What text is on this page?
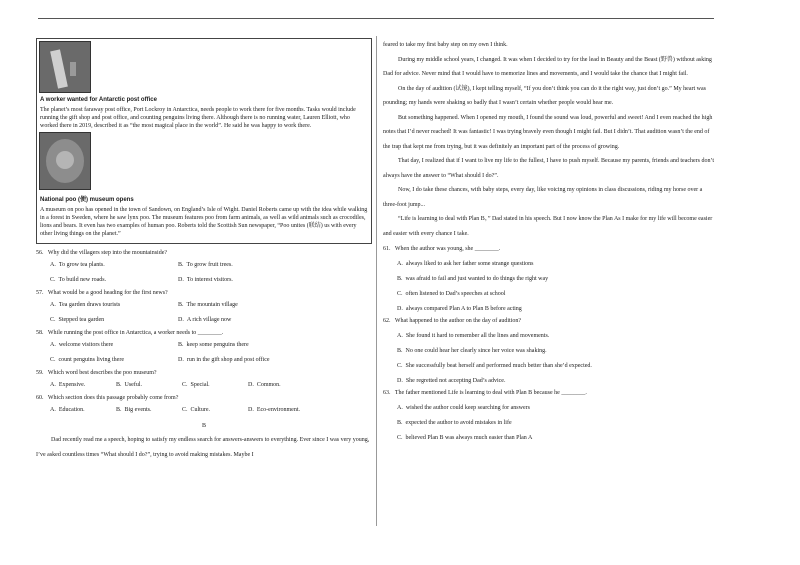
A worker wanted for Antarctic post office
The planet’s most faraway post office, Port Lockroy in Antarctica, needs people to work there for five months. Tasks would include running the gift shop and post office, and counting penguins living there. Although there is no running water, Lauren Elliott, who worked there in 2019, described it as “the most magical place in the world”. He said he was happy to work there.
National poo (便) museum opens
A museum on poo has opened in the town of Sandown, on England’s Isle of Wight. Daniel Roberts came up with the idea while walking in a forest in Sweden, where he saw lynx poo. The museum features poo from farm animals, as well as wild animals such as crocodiles, lions and bears. It even has two examples of human poo. Roberts told the Scottish Sun newspaper, “Poo unites (联结) us with every other living things on the planet.”
56.   Why did the villagers step into the mountainside?
A.  To grow tea plants.	B.  To grow fruit trees.
C.  To build new roads.	D.  To interest visitors.
57.   What would be a good heading for the first news?
A.  Tea garden draws tourists	B.  The mountain village
C.  Stepped tea garden	D.  A rich village now
58.   While running the post office in Antarctica, a worker needs to ________.
A.  welcome visitors there	B.  keep some penguins there
C.  count penguins living there	D.  run in the gift shop and post office
59.   Which word best describes the poo museum?
A.  Expensive.	B.  Useful.	C.  Special.	D.  Common.
60.   Which section does this passage probably come from?
A.  Education.	B.  Big events.	C.  Culture.	D.  Eco-environment.
B

Dad recently read me a speech, hoping to satisfy my endless search for answers-answers to everything. Ever since I was very young, I’ve asked countless times “What should I do?”, trying to avoid making mistakes. Maybe I

feared to take my first baby step on my own I think.

During my middle school years, I changed. It was when I decided to try for the lead in Beauty and the Beast (野兽) without asking Dad for advice. Never mind that I would have to memorize lines and movements, and I would take the chance that I might fail.

On the day of audition (试镜), I kept telling myself, “If you don’t think you can do it the right way, just don’t go.” My heart was pounding; my hands were shaking so badly that I wasn’t certain whether people would hear me.

But something happened. When I opened my mouth, I found the sound was loud, powerful and sweet! And I even reached the high notes that I’d never reached! It was fantastic! I was trying bravely even though I might fail. But I didn’t. That audition wasn’t the end of the trap that kept me from trying, but it was definitely an important part of the process of growing.

That day, I realized that if I want to live my life to the fullest, I have to push myself. Because my parents, friends and teachers don’t always have the answer to “What should I do?”.

Now, I do take these chances, with baby steps, every day, like voicing my opinions in class discussions, riding my horse over a three-foot jump...

“Life is learning to deal with Plan B，” Dad stated in his speech. But I now know the Plan As I make for my life will become easier and easier with every chance I take.

61.   When the author was young, she ________.
A.  always liked to ask her father some strange questions
B.  was afraid to fail and just wanted to do things the right way
C.  often listened to Dad’s speeches at school
D.  always compared Plan A to Plan B before acting
62.   What happened to the author on the day of audition?
A.  She found it hard to remember all the lines and movements.
B.  No one could hear her clearly since her voice was shaking.
C.  She successfully beat herself and performed much better than she’d expected.
D.  She regretted not accepting Dad’s advice.
63.   The father mentioned Life is learning to deal with Plan B because he ________.
A.  wished the author could keep searching for answers
B.  expected the author to avoid mistakes in life
C.  believed Plan B was always much easier than Plan A
